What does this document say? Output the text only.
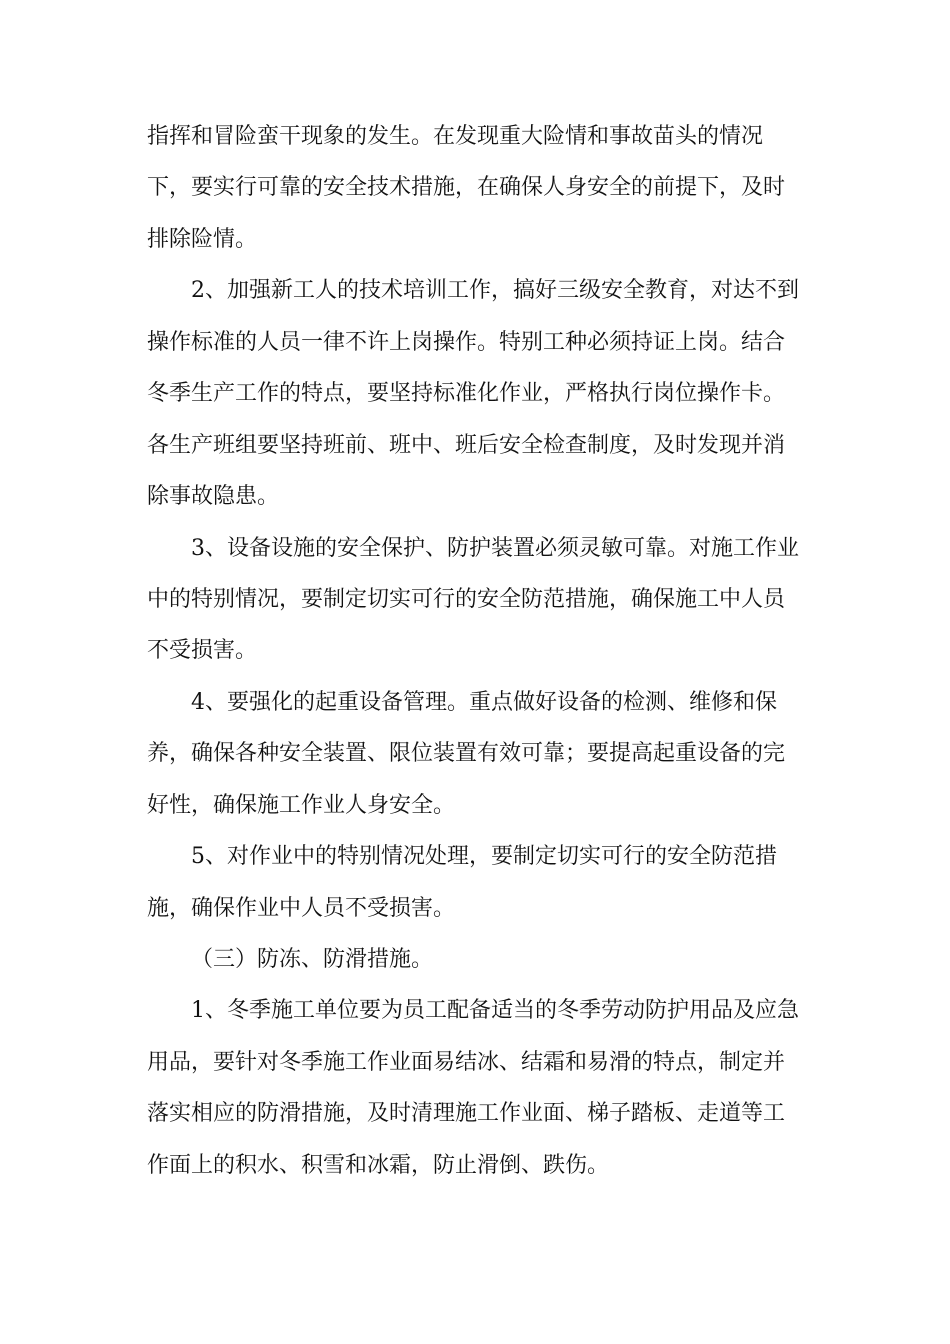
指挥和冒险蛮干现象的发生。在发现重大险情和事故苗头的情况
下，要实行可靠的安全技术措施，在确保人身安全的前提下，及时
排除险情。
2、加强新工人的技术培训工作，搞好三级安全教育，对达不到
操作标准的人员一律不许上岗操作。特别工种必须持证上岗。结合
冬季生产工作的特点，要坚持标准化作业，严格执行岗位操作卡。
各生产班组要坚持班前、班中、班后安全检查制度，及时发现并消
除事故隐患。
3、设备设施的安全保护、防护装置必须灵敏可靠。对施工作业
中的特别情况，要制定切实可行的安全防范措施，确保施工中人员
不受损害。
4、要强化的起重设备管理。重点做好设备的检测、维修和保
养，确保各种安全装置、限位装置有效可靠；要提高起重设备的完
好性，确保施工作业人身安全。
5、对作业中的特别情况处理，要制定切实可行的安全防范措
施，确保作业中人员不受损害。
（三）防冻、防滑措施。
1、冬季施工单位要为员工配备适当的冬季劳动防护用品及应急
用品，要针对冬季施工作业面易结冰、结霜和易滑的特点，制定并
落实相应的防滑措施，及时清理施工作业面、梯子踏板、走道等工
作面上的积水、积雪和冰霜，防止滑倒、跌伤。
